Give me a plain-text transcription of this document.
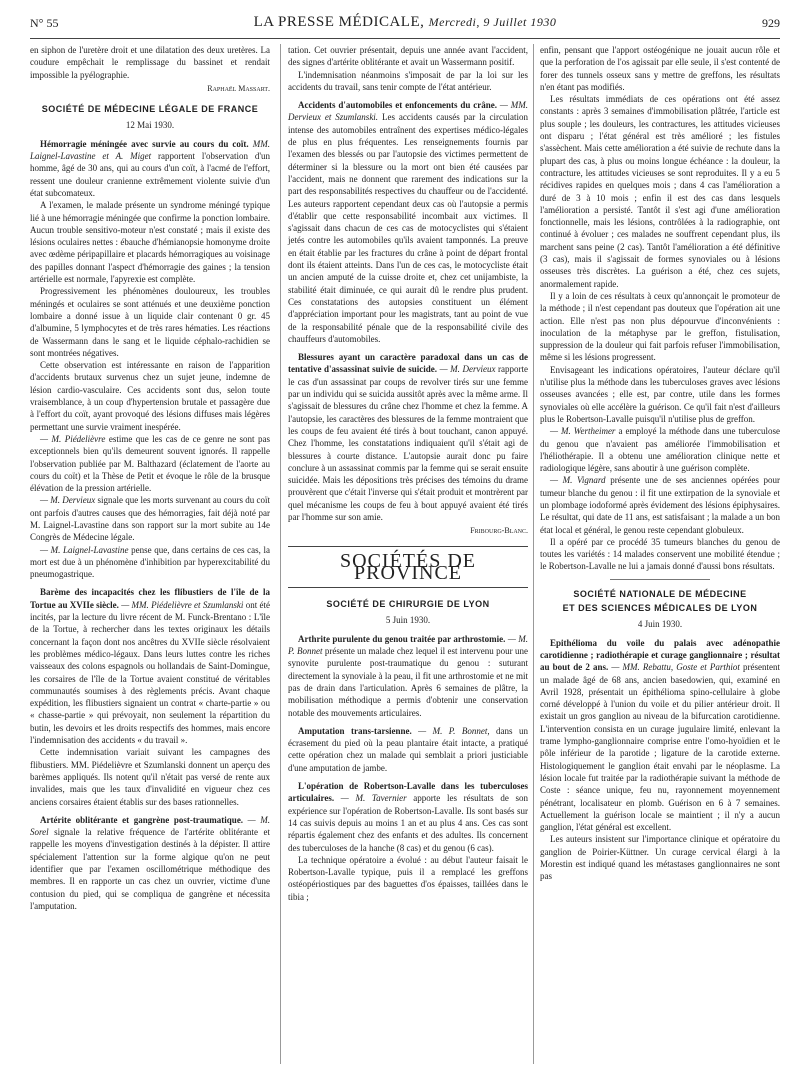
N° 55	LA PRESSE MÉDICALE, Mercredi, 9 Juillet 1930	929

en siphon de l'uretère droit et une dilatation des deux uretères. La coudure empêchait le remplissage du bassinet et rendait impossible la pyélographie.

Raphaël Massart.
SOCIÉTÉ DE MÉDECINE LÉGALE DE FRANCE
12 Mai 1930.

Hémorragie méningée avec survie au cours du coït. MM. Laignel-Lavastine et A. Miget rapportent l'observation d'un homme, âgé de 30 ans, qui au cours d'un coït, à l'acmé de l'effort, ressent une douleur cranienne extrêmement violente suivie d'un état subcomateux.

A l'examen, le malade présente un syndrome méningé typique lié à une hémorragie méningée que confirme la ponction lombaire. Aucun trouble sensitivo-moteur n'est constaté ; mais il existe des lésions oculaires nettes : ébauche d'hémianopsie homonyme droite avec œdème péripapillaire et placards hémorragiques au voisinage des papilles donnant l'aspect d'hémorragie des gaines ; la tension artérielle est normale, l'apyrexie est complète.

Progressivement les phénomènes douloureux, les troubles méningés et oculaires se sont atténués et une deuxième ponction lombaire a donné issue à un liquide clair contenant 0 gr. 45 d'albumine, 5 lymphocytes et de très rares hématies. Les réactions de Wassermann dans le sang et le liquide céphalo-rachidien se sont montrées négatives.

Cette observation est intéressante en raison de l'apparition d'accidents brutaux survenus chez un sujet jeune, indemne de lésion cardio-vasculaire. Ces accidents sont dus, selon toute vraisemblance, à un coup d'hypertension brutale et passagère due à l'effort du coït, ayant provoqué des lésions diffuses mais légères permettant une survie vraiment inespérée.

— M. Piédelièvre estime que les cas de ce genre ne sont pas exceptionnels bien qu'ils demeurent souvent ignorés. Il rappelle l'observation publiée par M. Balthazard (éclatement de l'aorte au cours du coït) et la Thèse de Petit et évoque le rôle de la brusque élévation de la pression artérielle.

— M. Dervieux signale que les morts survenant au cours du coït ont parfois d'autres causes que des hémorragies, fait déjà noté par M. Laignel-Lavastine dans son rapport sur la mort subite au 14e Congrès de Médecine légale.

— M. Laignel-Lavastine pense que, dans certains de ces cas, la mort est due à un phénomène d'inhibition par hyperexcitabilité du pneumogastrique.

Barème des incapacités chez les flibustiers de l'île de la Tortue au XVIIe siècle. — MM. Piédelièvre et Szumlanski ont été incités, par la lecture du livre récent de M. Funck-Brentano : L'île de la Tortue, à rechercher dans les textes originaux les détails concernant la façon dont nos ancêtres du XVIIe siècle résolvaient les problèmes médico-légaux. Dans leurs luttes contre les riches vaisseaux des colons espagnols ou hollandais de Saint-Domingue, les corsaires de l'île de la Tortue avaient constitué de véritables communautés soumises à des règlements précis. Avant chaque expédition, les flibustiers signaient un contrat « charte-partie » ou « chasse-partie » qui prévoyait, non seulement la répartition du butin, les devoirs et les droits respectifs des hommes, mais encore l'indemnisation des accidents « du travail ».

Cette indemnisation variait suivant les campagnes des flibustiers. MM. Piédelièvre et Szumlanski donnent un aperçu des barèmes appliqués. Ils notent qu'il n'était pas versé de rente aux invalides, mais que les taux d'invalidité en vigueur chez ces anciens corsaires étaient établis sur des bases rationnelles.

Artérite oblitérante et gangrène post-traumatique. — M. Sorel signale la relative fréquence de l'artérite oblitérante et rappelle les moyens d'investigation destinés à la dépister. Il attire spécialement l'attention sur la forme algique qu'on ne peut identifier que par l'examen oscillométrique méthodique des membres. Il en rapporte un cas chez un ouvrier, victime d'une contusion du pied, qui se compliqua de gangrène et nécessita l'amputation.

tation. Cet ouvrier présentait, depuis une année avant l'accident, des signes d'artérite oblitérante et avait un Wassermann positif.

L'indemnisation néanmoins s'imposait de par la loi sur les accidents du travail, sans tenir compte de l'état antérieur.

Accidents d'automobiles et enfoncements du crâne. — MM. Dervieux et Szumlanski. Les accidents causés par la circulation intense des automobiles entraînent des expertises médico-légales de plus en plus fréquentes. Les renseignements fournis par l'examen des blessés ou par l'autopsie des victimes permettent de déterminer si la blessure ou la mort ont bien été causées par l'accident, mais ne donnent que rarement des indications sur la part des responsabilités respectives du chauffeur ou de l'accidenté. Les auteurs rapportent cependant deux cas où l'autopsie a permis d'établir que cette responsabilité incombait aux victimes. Il s'agissait dans chacun de ces cas de motocyclistes qui s'étaient jetés contre les automobiles qu'ils avaient tamponnés. La preuve en était établie par les fractures du crâne à point de départ frontal dont ils étaient atteints. Dans l'un de ces cas, le motocycliste était un ancien amputé de la cuisse droite et, chez cet unijambiste, la stabilité était diminuée, ce qui aurait dû le rendre plus prudent. Ces constatations des autopsies constituent un élément d'appréciation important pour les magistrats, tant au point de vue de la responsabilité pénale que de la responsabilité civile des chauffeurs d'automobiles.

Blessures ayant un caractère paradoxal dans un cas de tentative d'assassinat suivie de suicide. — M. Dervieux rapporte le cas d'un assassinat par coups de revolver tirés sur une femme par un individu qui se suicida aussitôt après avec la même arme. Il s'agissait de blessures du crâne chez l'homme et chez la femme. A l'autopsie, les caractères des blessures de la femme montraient que les coups de feu avaient été tirés à bout touchant, canon appuyé. Chez l'homme, les constatations indiquaient qu'il s'était agi de blessures à courte distance. L'autopsie aurait donc pu faire conclure à un assassinat commis par la femme qui se serait ensuite suicidée. Mais les dépositions très précises des témoins du drame prouvèrent que c'était l'inverse qui s'était produit et montrèrent par quel mécanisme les coups de feu à bout appuyé avaient été tirés par l'homme sur son amie.

Fribourg-Blanc.
SOCIÉTÉS DE PROVINCE
SOCIÉTÉ DE CHIRURGIE DE LYON
5 Juin 1930.

Arthrite purulente du genou traitée par arthrostomie. — M. P. Bonnet présente un malade chez lequel il est intervenu pour une synovite purulente post-traumatique du genou : suturant directement la synoviale à la peau, il fit une arthrostomie et ne mit pas de drain dans l'articulation. Après 6 semaines de plâtre, la mobilisation méthodique a permis d'obtenir une conservation notable des mouvements articulaires.

Amputation trans-tarsienne. — M. P. Bonnet, dans un écrasement du pied où la peau plantaire était intacte, a pratiqué cette opération chez un malade qui semblait a priori justiciable d'une amputation de jambe.

L'opération de Robertson-Lavalle dans les tuberculoses articulaires. — M. Tavernier apporte les résultats de son expérience sur l'opération de Robertson-Lavalle. Ils sont basés sur 14 cas suivis depuis au moins 1 an et au plus 4 ans. Ces cas sont répartis également chez des enfants et des adultes. Ils concernent des tuberculoses de la hanche (8 cas) et du genou (6 cas).

La technique opératoire a évolué : au début l'auteur faisait le Robertson-Lavalle typique, puis il a remplacé les greffons ostéopériostiques par des baguettes d'os épaisses, taillées dans le tibia ;

enfin, pensant que l'apport ostéogénique ne jouait aucun rôle et que la perforation de l'os agissait par elle seule, il s'est contenté de forer des tunnels osseux sans y mettre de greffons, les résultats n'en étant pas modifiés.

Les résultats immédiats de ces opérations ont été assez constants : après 3 semaines d'immobilisation plâtrée, l'article est plus souple ; les douleurs, les contractures, les attitudes vicieuses ont disparu ; l'état général est très amélioré ; les fistules s'assèchent. Mais cette amélioration a été suivie de rechute dans la plupart des cas, à plus ou moins longue échéance : la douleur, la contracture, les attitudes vicieuses se sont reproduites. Il y a eu 5 récidives rapides en quelques mois ; dans 4 cas l'amélioration a duré de 3 à 10 mois ; enfin il est des cas dans lesquels l'amélioration a persisté. Tantôt il s'est agi d'une amélioration fonctionnelle, mais les lésions, contrôlées à la radiographie, ont continué à évoluer ; ces malades ne souffrent cependant plus, ils marchent sans peine (2 cas). Tantôt l'amélioration a été définitive (3 cas), mais il s'agissait de formes synoviales ou à lésions osseuses très discrètes. La guérison a été, chez ces sujets, anormalement rapide.

Il y a loin de ces résultats à ceux qu'annonçait le promoteur de la méthode ; il n'est cependant pas douteux que l'opération ait une action. Elle n'est pas non plus dépourvue d'inconvénients : inoculation de la métaphyse par le greffon, fistulisation, suppression de la douleur qui fait parfois refuser l'immobilisation, même si les lésions progressent.

Envisageant les indications opératoires, l'auteur déclare qu'il n'utilise plus la méthode dans les tuberculoses graves avec lésions osseuses avancées ; elle est, par contre, utile dans les formes synoviales où elle accélère la guérison. Ce qu'il fait n'est d'ailleurs plus le Robertson-Lavalle puisqu'il n'utilise plus de greffon.

— M. Wertheimer a employé la méthode dans une tuberculose du genou que n'avaient pas améliorée l'immobilisation et l'héliothérapie. Il a obtenu une amélioration clinique nette et radiologique légère, sans aboutir à une guérison complète.

— M. Vignard présente une de ses anciennes opérées pour tumeur blanche du genou : il fit une extirpation de la synoviale et un plombage iodoformé après évidement des lésions épiphysaires. Le résultat, qui date de 11 ans, est satisfaisant ; la malade a un bon état local et général, le genou reste cependant globuleux.

Il a opéré par ce procédé 35 tumeurs blanches du genou de toutes les variétés : 14 malades conservent une mobilité étendue ; le Robertson-Lavalle ne lui a jamais donné d'aussi bons résultats.

SOCIÉTÉ NATIONALE DE MÉDECINE
ET DES SCIENCES MÉDICALES DE LYON
4 Juin 1930.

Epithélioma du voile du palais avec adénopathie carotidienne ; radiothérapie et curage ganglionnaire ; résultat au bout de 2 ans. — MM. Rebattu, Goste et Parthiot présentent un malade âgé de 68 ans, ancien basedowien, qui, examiné en Avril 1928, présentait un épithélioma spino-cellulaire à globe corné développé à l'union du voile et du pilier antérieur droit. Il existait un gros ganglion au niveau de la bifurcation carotidienne. L'intervention consista en un curage jugulaire limité, enlevant la trame lympho-ganglionnaire comprise entre l'omo-hyoïdien et le pôle inférieur de la parotide ; ligature de la carotide externe. Histologiquement le ganglion était envahi par le néoplasme. La lésion locale fut traitée par la radiothérapie suivant la méthode de Coste : séance unique, feu nu, rayonnement moyennement pénétrant, localisateur en plomb. Guérison en 6 à 7 semaines. Actuellement la guérison locale se maintient ; il n'y a aucun ganglion, l'état général est excellent.

Les auteurs insistent sur l'importance clinique et opératoire du ganglion de Poirier-Küttner. Un curage cervical élargi à la Morestin est indiqué quand les métastases ganglionnaires ne sont pas
